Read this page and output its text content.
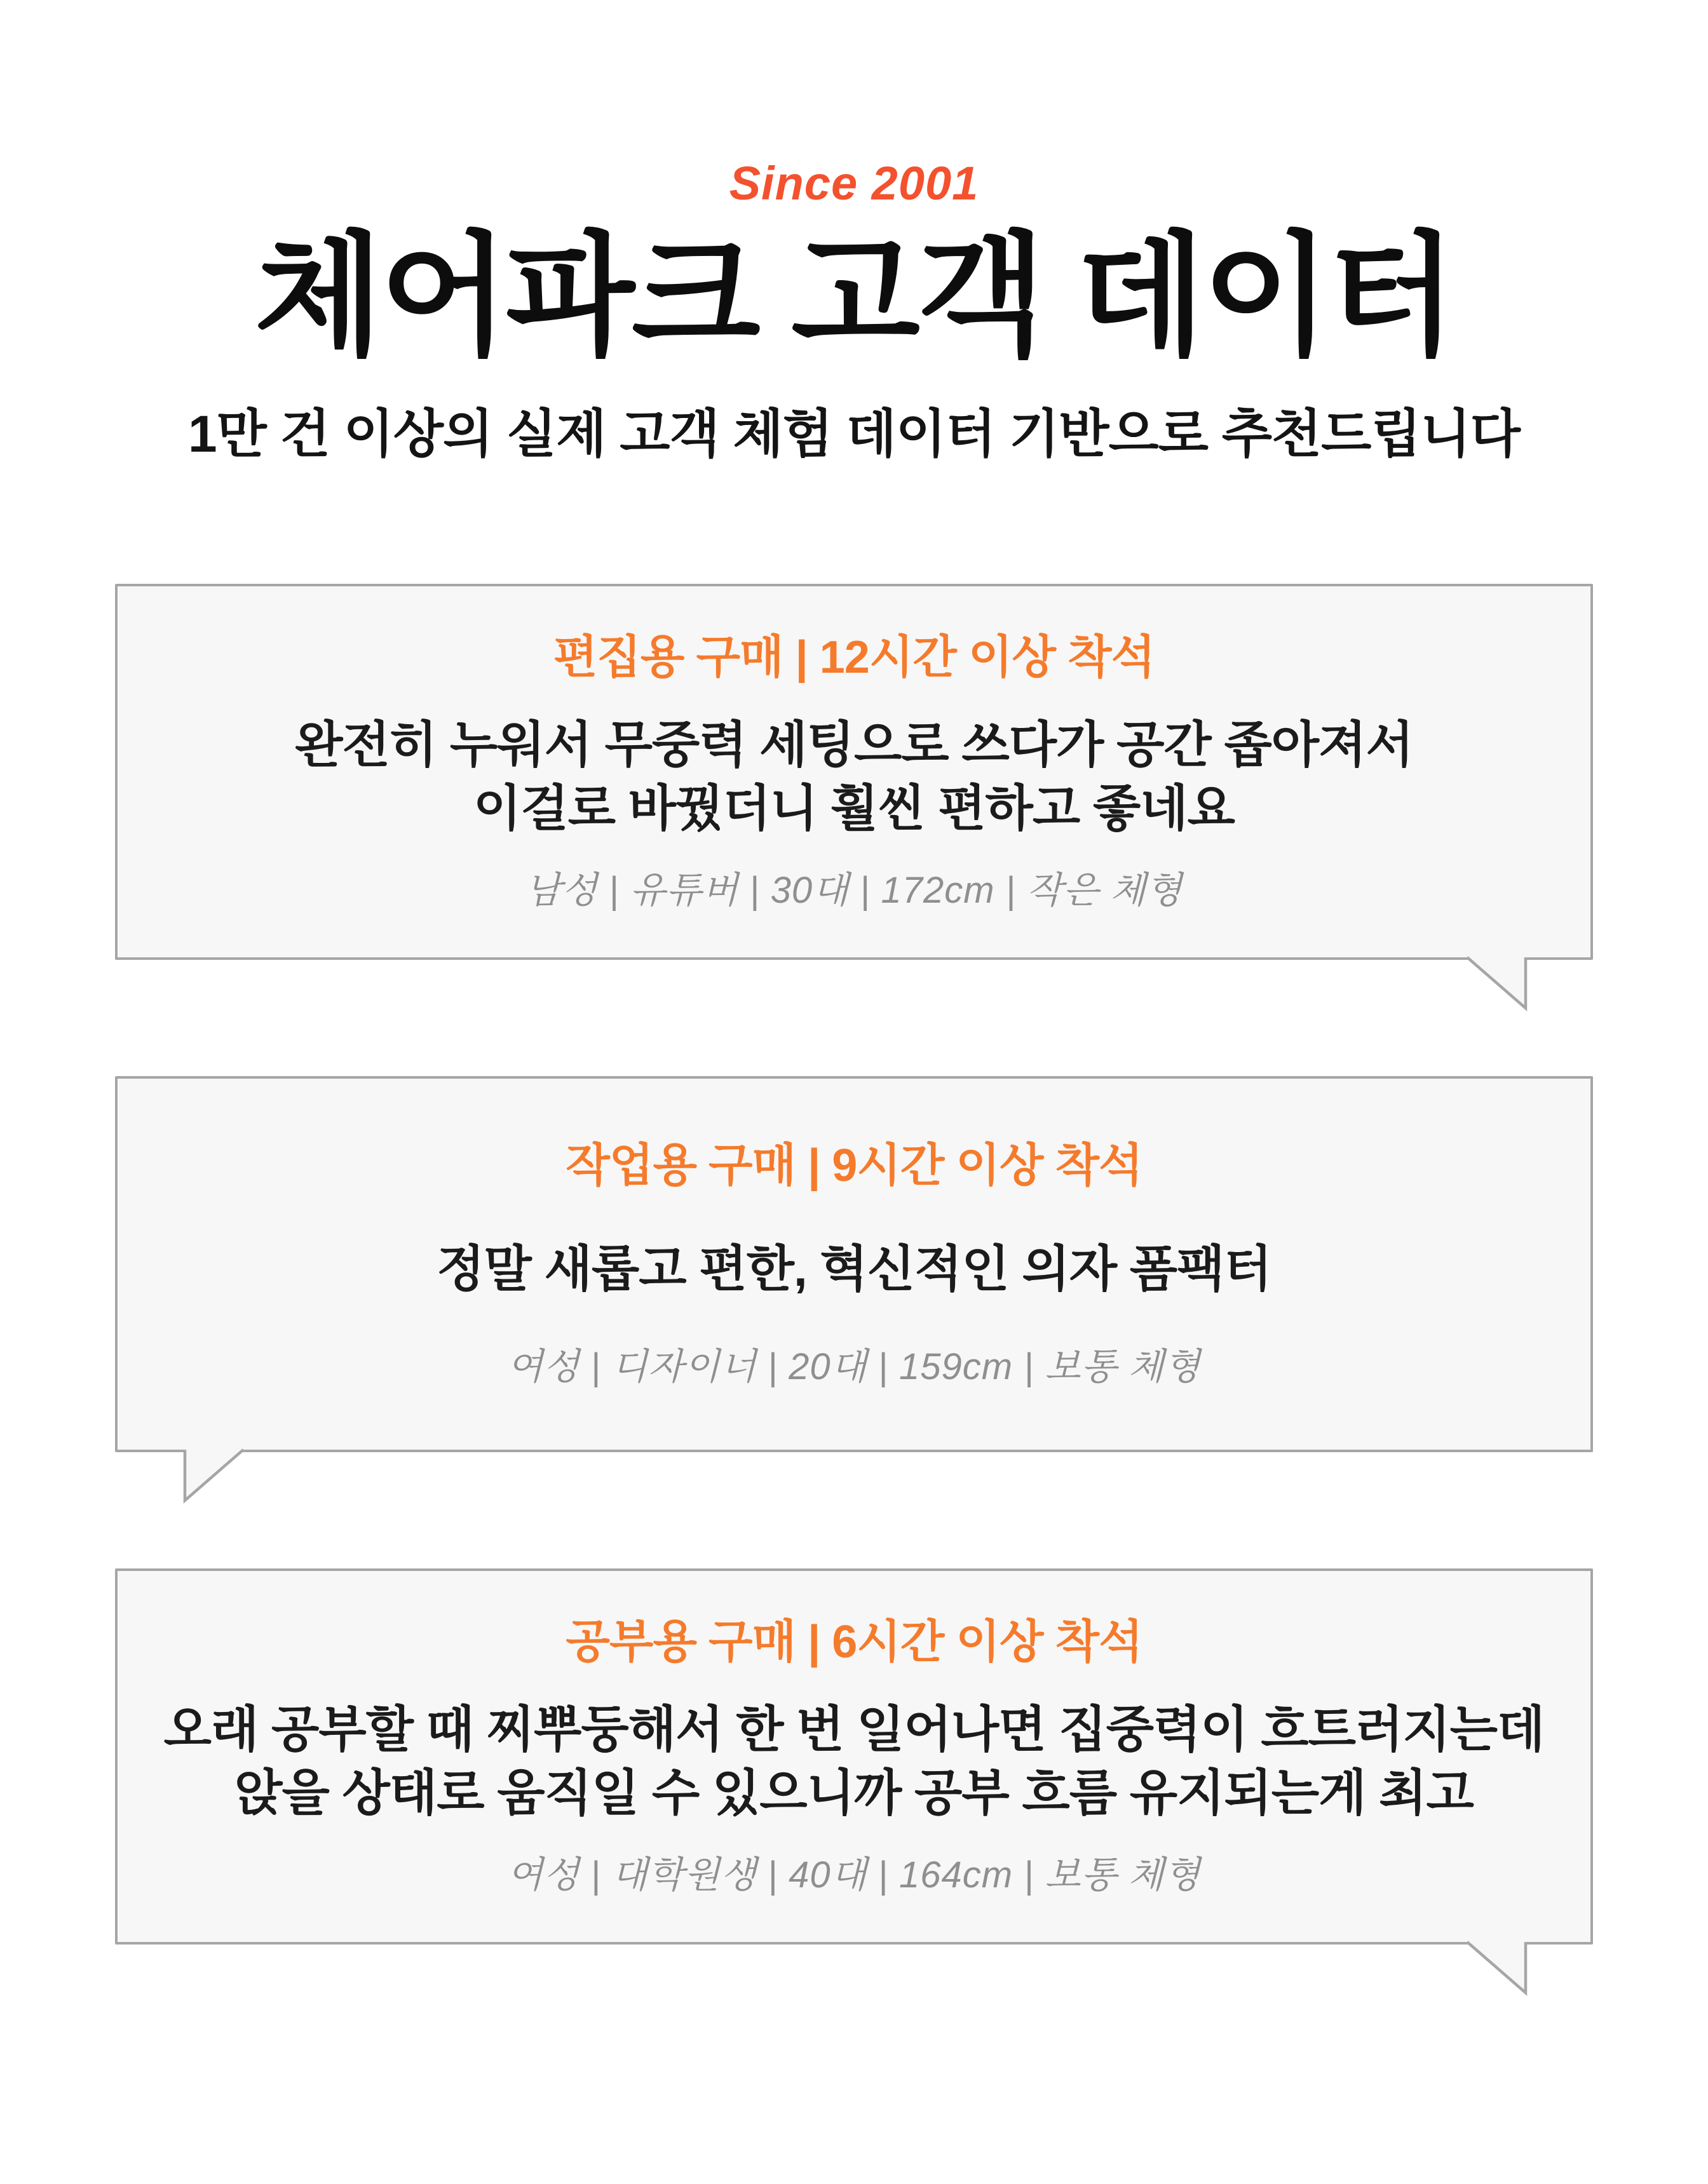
Since 2001
체어파크 고객 데이터
1만 건 이상의 실제 고객 체험 데이터 기반으로 추천드립니다
편집용 구매 | 12시간 이상 착석
완전히 누워서 무중력 세팅으로 쓰다가 공간 좁아져서
이걸로 바꿨더니 훨씬 편하고 좋네요
남성 | 유튜버 | 30대 | 172cm | 작은 체형
작업용 구매 | 9시간 이상 착석
정말 새롭고 편한, 혁신적인 의자 폼팩터
여성 | 디자이너 | 20대 | 159cm | 보통 체형
공부용 구매 | 6시간 이상 착석
오래 공부할 때 찌뿌둥해서 한 번 일어나면 집중력이 흐트러지는데
앉을 상태로 움직일 수 있으니까 공부 흐름 유지되는게 최고
여성 | 대학원생 | 40대 | 164cm | 보통 체형
